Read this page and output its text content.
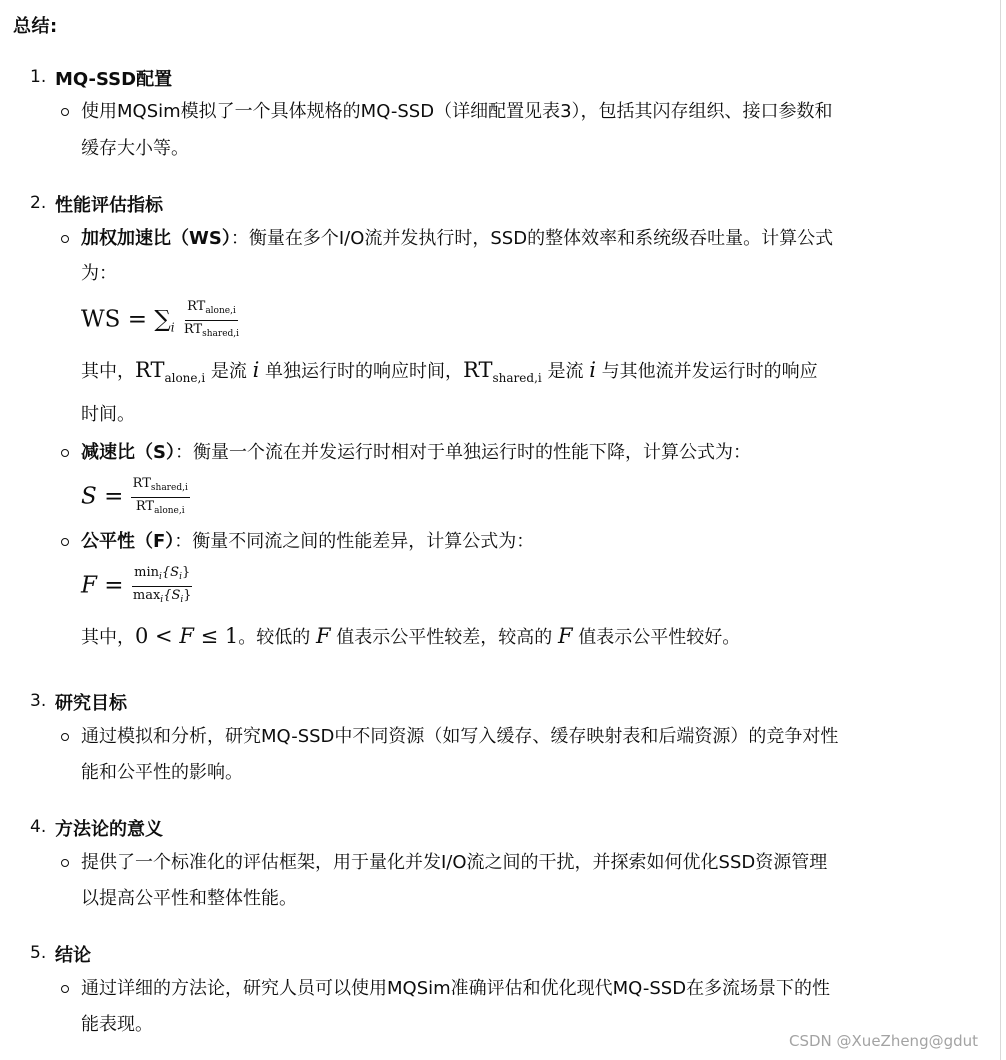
总结:
1. MQ-SSD配置
使用MQSim模拟了一个具体规格的MQ-SSD（详细配置见表3），包括其闪存组织、接口参数和
缓存大小等。
2. 性能评估指标
加权加速比（WS）：衡量在多个I/O流并发执行时，SSD的整体效率和系统级吞吐量。计算公式
为：
WS = $\sum_i \frac{RT_{alone,i}}{RT_{shared,i}}$
其中，$RT_{alone,i}$ 是流 i 单独运行时的响应时间，$RT_{shared,i}$ 是流 i 与其他流并发运行时的响应
时间。
减速比（S）：衡量一个流在并发运行时相对于单独运行时的性能下降，计算公式为：
$S = \frac{RT_{shared,i}}{RT_{alone,i}}$
公平性（F）：衡量不同流之间的性能差异，计算公式为：
$F = \frac{\min_i\{S_i\}}{\max_i\{S_i\}}$
其中，0 < F ≤ 1。较低的 F 值表示公平性较差，较高的 F 值表示公平性较好。
3. 研究目标
通过模拟和分析，研究MQ-SSD中不同资源（如写入缓存、缓存映射表和后端资源）的竞争对性
能和公平性的影响。
4. 方法论的意义
提供了一个标准化的评估框架，用于量化并发I/O流之间的干扰，并探索如何优化SSD资源管理
以提高公平性和整体性能。
5. 结论
通过详细的方法论，研究人员可以使用MQSim准确评估和优化现代MQ-SSD在多流场景下的性
能表现。
CSDN @XueZheng@gdut
